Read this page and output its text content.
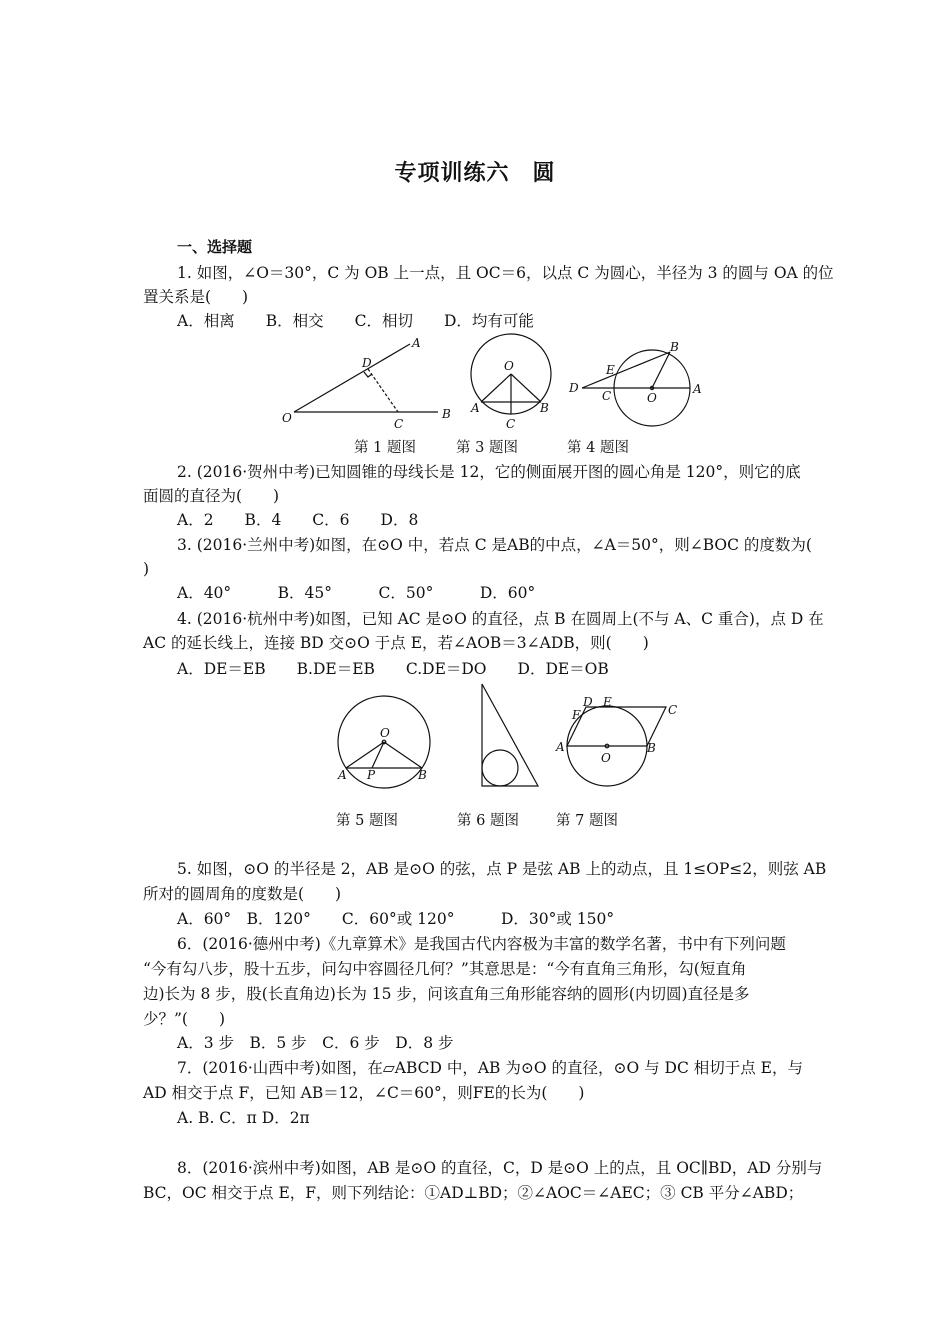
专项训练六　圆
一、选择题
1. 如图，∠O＝30°，C 为 OB 上一点，且 OC＝6，以点 C 为圆心，半径为 3 的圆与 OA 的位
置关系是(　　)
A．相离　　B．相交　　C．相切　　D．均有可能
O
A
B
C
D	O
A	B
C
D
E
C	O
A
B
第 1 题图	第 3 题图	第 4 题图
2. (2016·贺州中考)已知圆锥的母线长是 12，它的侧面展开图的圆心角是 120°，则它的底
面圆的直径为(　　)
A．2　　B．4　　C．6　　D．8
3. (2016·兰州中考)如图，在⊙O 中，若点 C 是AB的中点，∠A＝50°，则∠BOC 的度数为(
)
A．40°　　　B．45°　　　C．50°　　　D．60°
4. (2016·杭州中考)如图，已知 AC 是⊙O 的直径，点 B 在圆周上(不与 A、C 重合)，点 D 在
AC 的延长线上，连接 BD 交⊙O 于点 E，若∠AOB＝3∠ADB，则(　　)
A．DE＝EB　　B.DE＝EB　　C.DE＝DO　　D．DE＝OB
O
A P	B
D E
F	C
A
O
B
第 5 题图	第 6 题图	第 7 题图
5. 如图，⊙O 的半径是 2，AB 是⊙O 的弦，点 P 是弦 AB 上的动点，且 1≤OP≤2，则弦 AB
所对的圆周角的度数是(　　)
A．60°　B．120°　　C．60°或 120°　　　D．30°或 150°
6．(2016·德州中考)《九章算术》是我国古代内容极为丰富的数学名著，书中有下列问题
“今有勾八步，股十五步，问勾中容圆径几何？”其意思是：“今有直角三角形，勾(短直角
边)长为 8 步，股(长直角边)长为 15 步，问该直角三角形能容纳的圆形(内切圆)直径是多
少？”(　　)
A．3 步　B．5 步　C．6 步　D．8 步
7．(2016·山西中考)如图，在▱ABCD 中，AB 为⊙O 的直径，⊙O 与 DC 相切于点 E，与
AD 相交于点 F，已知 AB＝12，∠C＝60°，则FE的长为(　　)
A. B. C．π D．2π
8．(2016·滨州中考)如图，AB 是⊙O 的直径，C，D 是⊙O 上的点，且 OC∥BD，AD 分别与
BC，OC 相交于点 E，F，则下列结论：①AD⊥BD；②∠AOC＝∠AEC；③ CB 平分∠ABD；
